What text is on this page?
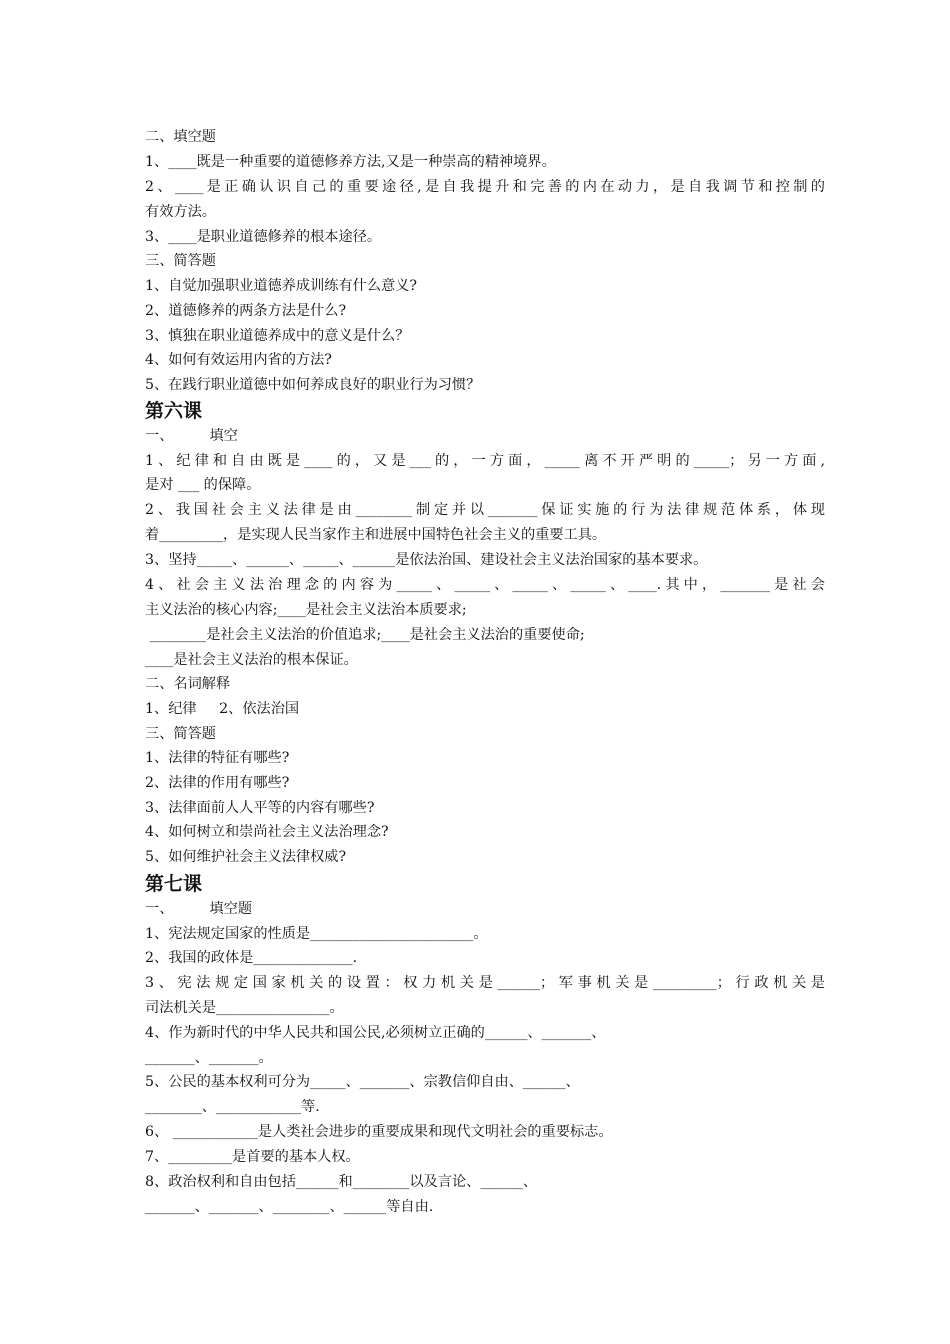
二、填空题
1、____既是一种重要的道德修养方法,又是一种崇高的精神境界。
2、____是正确认识自己的重要途径,是自我提升和完善的内在动力，是自我调节和控制的
有效方法。
3、____是职业道德修养的根本途径。
三、简答题
1、自觉加强职业道德养成训练有什么意义?
2、道德修养的两条方法是什么?
3、慎独在职业道德养成中的意义是什么？
4、如何有效运用内省的方法?
5、在践行职业道德中如何养成良好的职业行为习惯？
第六课
一、        填空
1、纪律和自由既是____的，又是___的，一方面，_____离不开严明的_____；另一方面,
是对 ___ 的保障。
2、我国社会主义法律是由________制定并以_______保证实施的行为法律规范体系，体现
着_________，是实现人民当家作主和进展中国特色社会主义的重要工具。
3、坚持_____、______、_____、______是依法治国、建设社会主义法治国家的基本要求。
4、社会主义法治理念的内容为_____、_____、_____、_____、____.其中，_______是社会
主义法治的核心内容;____是社会主义法治本质要求;
________是社会主义法治的价值追求;____是社会主义法治的重要使命;
____是社会主义法治的根本保证。
二、名词解释
1、纪律     2、依法治国
三、简答题
1、法律的特征有哪些?
2、法律的作用有哪些?
3、法律面前人人平等的内容有哪些?
4、如何树立和崇尚社会主义法治理念?
5、如何维护社会主义法律权威?
第七课
一、        填空题
1、宪法规定国家的性质是_______________________。
2、我国的政体是______________.
3、宪法规定国家机关的设置：权力机关是______；军事机关是_________；行政机关是
司法机关是________________。
4、作为新时代的中华人民共和国公民,必须树立正确的______、_______、
_______、_______。
5、公民的基本权利可分为_____、_______、宗教信仰自由、______、
________、____________等.
6、 ____________是人类社会进步的重要成果和现代文明社会的重要标志。
7、_________是首要的基本人权。
8、政治权利和自由包括______和________以及言论、______、
_______、_______、________、______等自由.
